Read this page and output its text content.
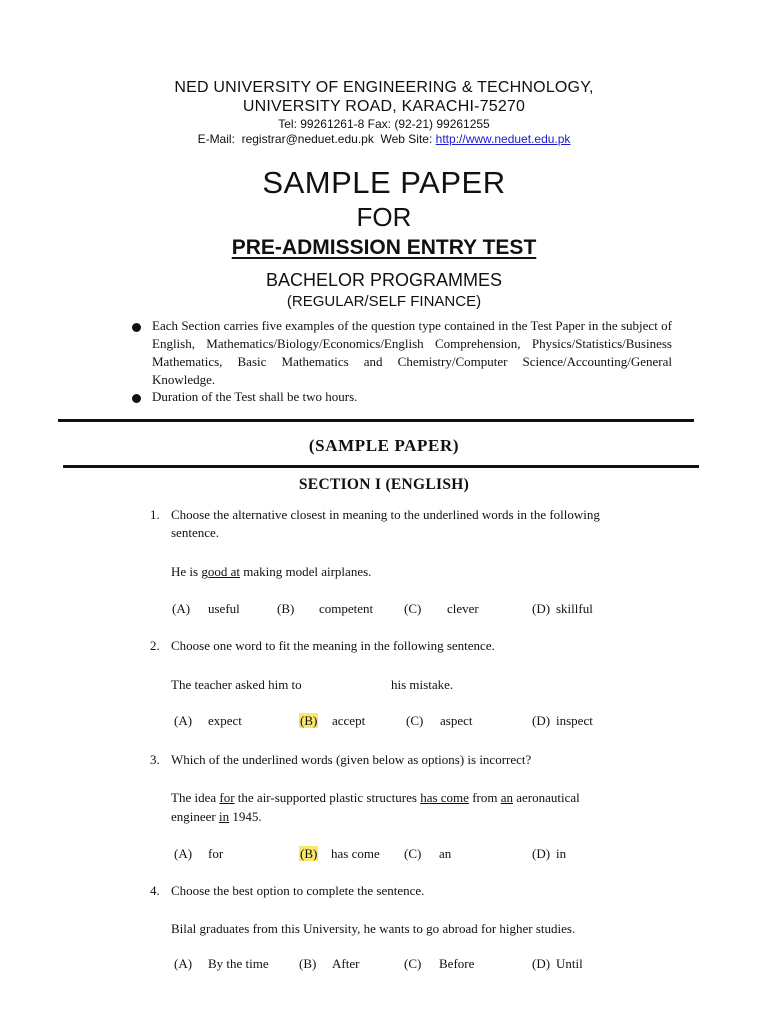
NED UNIVERSITY OF ENGINEERING & TECHNOLOGY,
UNIVERSITY ROAD, KARACHI-75270
Tel: 99261261-8 Fax: (92-21) 99261255
E-Mail: registrar@neduet.edu.pk Web Site: http://www.neduet.edu.pk
SAMPLE PAPER
FOR
PRE-ADMISSION ENTRY TEST
BACHELOR PROGRAMMES
(REGULAR/SELF FINANCE)
Each Section carries five examples of the question type contained in the Test Paper in the subject of English, Mathematics/Biology/Economics/English Comprehension, Physics/Statistics/Business Mathematics, Basic Mathematics and Chemistry/Computer Science/Accounting/General Knowledge.
Duration of the Test shall be two hours.
(SAMPLE PAPER)
SECTION I (ENGLISH)
1. Choose the alternative closest in meaning to the underlined words in the following sentence.
He is good at making model airplanes.
(A) useful	(B) competent (C) clever	(D) skillful
2. Choose one word to fit the meaning in the following sentence.
The teacher asked him to	his mistake.
(A) expect	(B) accept	(C) aspect	(D) inspect
3. Which of the underlined words (given below as options) is incorrect?
The idea for the air-supported plastic structures has come from an aeronautical
engineer in 1945.
(A) for	(B) has come (C) an	(D) in
4. Choose the best option to complete the sentence.
Bilal graduates from this University, he wants to go abroad for higher studies.
(A) By the time (B) After	(C) Before	(D) Until
